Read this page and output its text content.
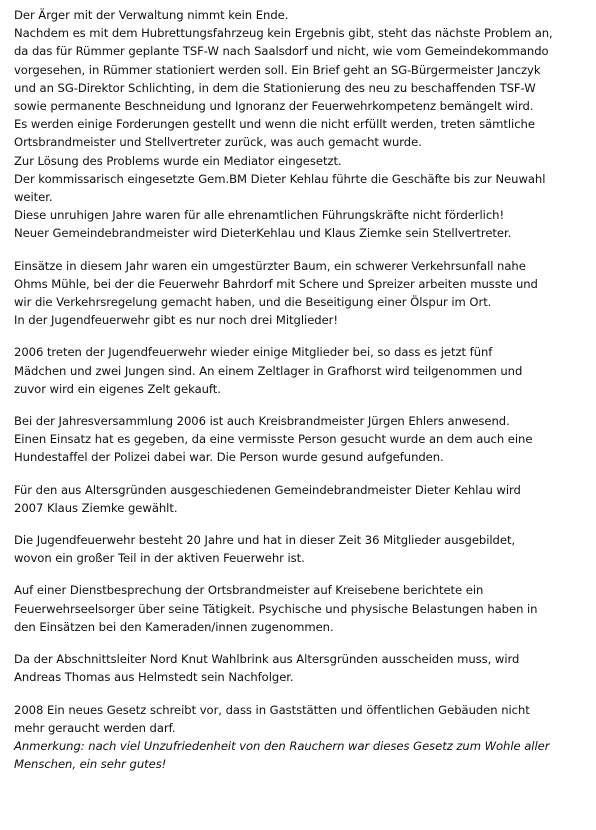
Der Ärger mit der Verwaltung nimmt kein Ende.
Nachdem es mit dem Hubrettungsfahrzeug kein Ergebnis gibt, steht das nächste Problem an,
da das für Rümmer geplante TSF-W nach Saalsdorf und nicht, wie vom Gemeindekommando
vorgesehen, in Rümmer stationiert werden soll. Ein Brief geht an SG-Bürgermeister Janczyk
und an SG-Direktor Schlichting, in dem die Stationierung des neu zu beschaffenden TSF-W
sowie permanente Beschneidung und Ignoranz der Feuerwehrkompetenz bemängelt wird.
Es werden einige Forderungen gestellt und wenn die nicht erfüllt werden, treten sämtliche
Ortsbrandmeister und Stellvertreter zurück, was auch gemacht wurde.
Zur Lösung des Problems wurde ein Mediator eingesetzt.
Der kommissarisch eingesetzte Gem.BM Dieter Kehlau führte die Geschäfte bis zur Neuwahl
weiter.
Diese unruhigen Jahre waren für alle ehrenamtlichen Führungskräfte nicht förderlich!
Neuer Gemeindebrandmeister wird DieterKehlau und Klaus Ziemke sein Stellvertreter.

Einsätze in diesem Jahr waren ein umgestürzter Baum, ein schwerer Verkehrsunfall nahe
Ohms Mühle, bei der die Feuerwehr Bahrdorf mit Schere und Spreizer arbeiten musste und
wir die Verkehrsregelung gemacht haben, und die Beseitigung einer Ölspur im Ort.
In der Jugendfeuerwehr gibt es nur noch drei Mitglieder!

2006 treten der Jugendfeuerwehr wieder einige Mitglieder bei, so dass es jetzt fünf
Mädchen und zwei Jungen sind. An einem Zeltlager in Grafhorst wird teilgenommen und
zuvor wird ein eigenes Zelt gekauft.

Bei der Jahresversammlung 2006 ist auch Kreisbrandmeister Jürgen Ehlers anwesend.
Einen Einsatz hat es gegeben, da eine vermisste Person gesucht wurde an dem auch eine
Hundestaffel der Polizei dabei war. Die Person wurde gesund aufgefunden.

Für den aus Altersgründen ausgeschiedenen Gemeindebrandmeister Dieter Kehlau wird
2007 Klaus Ziemke gewählt.

Die Jugendfeuerwehr besteht 20 Jahre und hat in dieser Zeit 36 Mitglieder ausgebildet,
wovon ein großer Teil in der aktiven Feuerwehr ist.

Auf einer Dienstbesprechung der Ortsbrandmeister auf Kreisebene berichtete ein
Feuerwehrseelsorger über seine Tätigkeit. Psychische und physische Belastungen haben in
den Einsätzen bei den Kameraden/innen zugenommen.

Da der Abschnittsleiter Nord Knut Wahlbrink aus Altersgründen ausscheiden muss, wird
Andreas Thomas aus Helmstedt sein Nachfolger.

2008 Ein neues Gesetz schreibt vor, dass in Gaststätten und öffentlichen Gebäuden nicht
mehr geraucht werden darf.
Anmerkung: nach viel Unzufriedenheit von den Rauchern war dieses Gesetz zum Wohle aller
Menschen, ein sehr gutes!
